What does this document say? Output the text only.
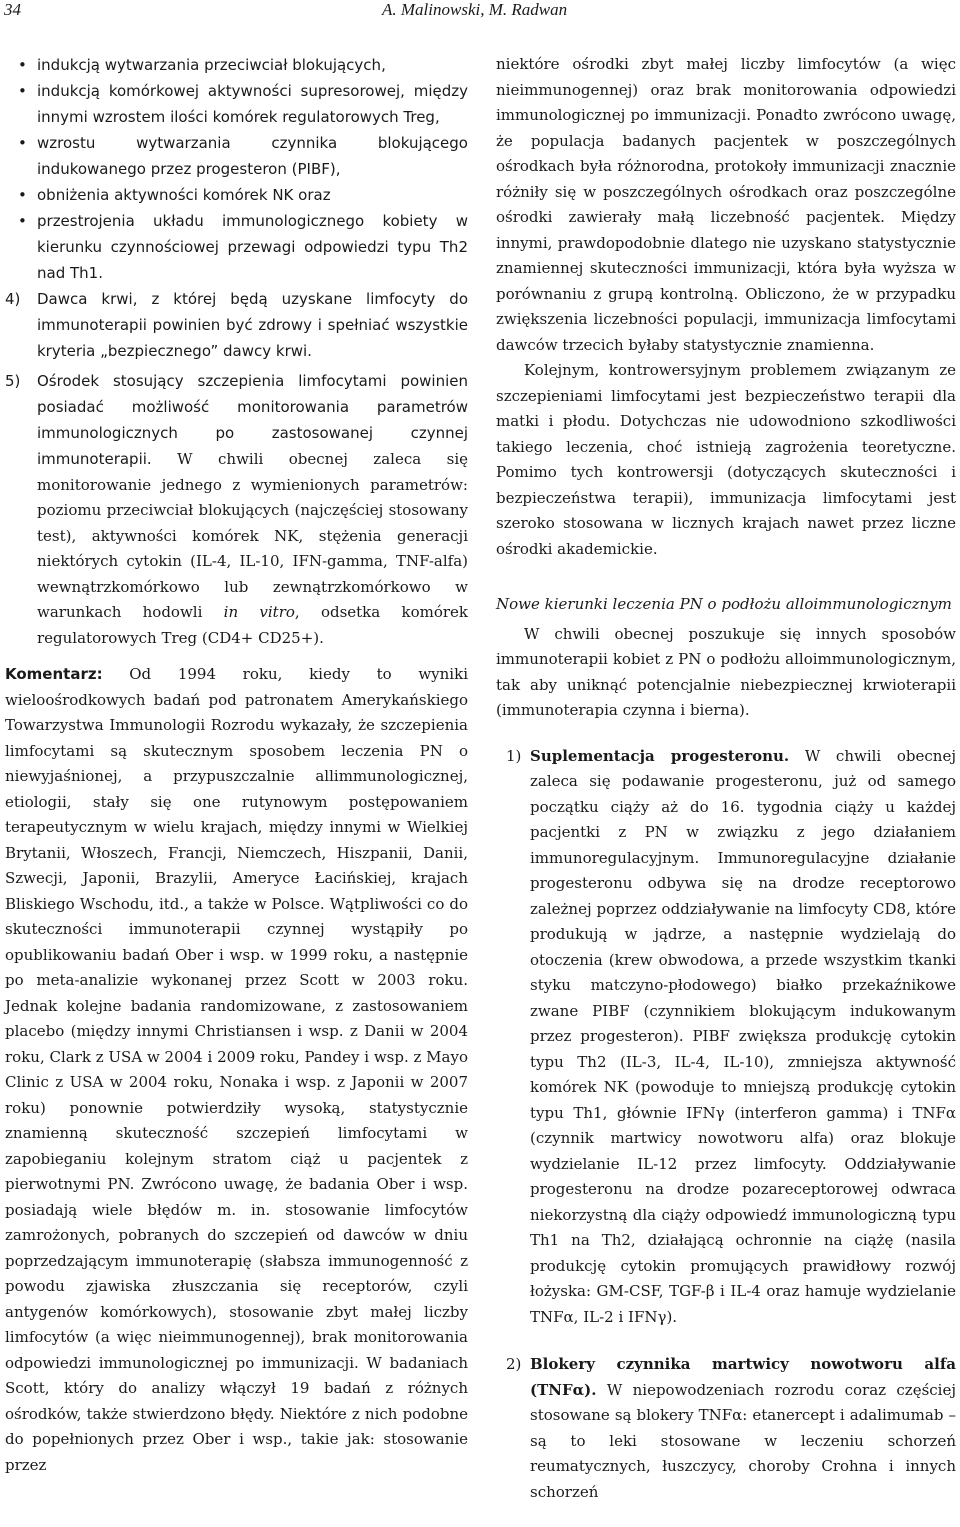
34	A. Malinowski, M. Radwan
• indukcją wytwarzania przeciwciał blokujących,
• indukcją komórkowej aktywności supresorowej, między innymi wzrostem ilości komórek regulatorowych Treg,
• wzrostu wytwarzania czynnika blokującego indukowanego przez progesteron (PIBF),
• obniżenia aktywności komórek NK oraz
• przestrojenia układu immunologicznego kobiety w kierunku czynnościowej przewagi odpowiedzi typu Th2 nad Th1.
4) Dawca krwi, z której będą uzyskane limfocyty do immunoterapii powinien być zdrowy i spełniać wszystkie kryteria „bezpiecznego” dawcy krwi.
5) Ośrodek stosujący szczepienia limfocytami powinien posiadać możliwość monitorowania parametrów immunologicznych po zastosowanej czynnej immunoterapii. W chwili obecnej zaleca się monitorowanie jednego z wymienionych parametrów: poziomu przeciwciał blokujących (najczęściej stosowany test), aktywności komórek NK, stężenia generacji niektórych cytokin (IL-4, IL-10, IFN-gamma, TNF-alfa) wewnątrzkomórkowo lub zewnątrzkomórkowo w warunkach hodowli in vitro, odsetka komórek regulatorowych Treg (CD4+ CD25+).

Komentarz: Od 1994 roku, kiedy to wyniki wieloośrodkowych badań pod patronatem Amerykańskiego Towarzystwa Immunologii Rozrodu wykazały, że szczepienia limfocytami są skutecznym sposobem leczenia PN o niewyjaśnionej, a przypuszczalnie allimmunologicznej, etiologii, stały się one rutynowym postępowaniem terapeutycznym w wielu krajach, między innymi w Wielkiej Brytanii, Włoszech, Francji, Niemczech, Hiszpanii, Danii, Szwecji, Japonii, Brazylii, Ameryce Łacińskiej, krajach Bliskiego Wschodu, itd., a także w Polsce. Wątpliwości co do skuteczności immunoterapii czynnej wystąpiły po opublikowaniu badań Ober i wsp. w 1999 roku, a następnie po meta-analizie wykonanej przez Scott w 2003 roku. Jednak kolejne badania randomizowane, z zastosowaniem placebo (między innymi Christiansen i wsp. z Danii w 2004 roku, Clark z USA w 2004 i 2009 roku, Pandey i wsp. z Mayo Clinic z USA w 2004 roku, Nonaka i wsp. z Japonii w 2007 roku) ponownie potwierdziły wysoką, statystycznie znamienną skuteczność szczepień limfocytami w zapobieganiu kolejnym stratom ciąż u pacjentek z pierwotnymi PN. Zwrócono uwagę, że badania Ober i wsp. posiadają wiele błędów m. in. stosowanie limfocytów zamrożonych, pobranych do szczepień od dawców w dniu poprzedzającym immunoterapię (słabsza immunogenność z powodu zjawiska złuszczania się receptorów, czyli antygenów komórkowych), stosowanie zbyt małej liczby limfocytów (a więc nieimmunogennej), brak monitorowania odpowiedzi immunologicznej po immunizacji. W badaniach Scott, który do analizy włączył 19 badań z różnych ośrodków, także stwierdzono błędy. Niektóre z nich podobne do popełnionych przez Ober i wsp., takie jak: stosowanie przez

niektóre ośrodki zbyt małej liczby limfocytów (a więc nieimmunogennej) oraz brak monitorowania odpowiedzi immunologicznej po immunizacji. Ponadto zwrócono uwagę, że populacja badanych pacjentek w poszczególnych ośrodkach była różnorodna, protokoły immunizacji znacznie różniły się w poszczególnych ośrodkach oraz poszczególne ośrodki zawierały małą liczebność pacjentek. Między innymi, prawdopodobnie dlatego nie uzyskano statystycznie znamiennej skuteczności immunizacji, która była wyższa w porównaniu z grupą kontrolną. Obliczono, że w przypadku zwiększenia liczebności populacji, immunizacja limfocytami dawców trzecich byłaby statystycznie znamienna.

Kolejnym, kontrowersyjnym problemem związanym ze szczepieniami limfocytami jest bezpieczeństwo terapii dla matki i płodu. Dotychczas nie udowodniono szkodliwości takiego leczenia, choć istnieją zagrożenia teoretyczne. Pomimo tych kontrowersji (dotyczących skuteczności i bezpieczeństwa terapii), immunizacja limfocytami jest szeroko stosowana w licznych krajach nawet przez liczne ośrodki akademickie.

Nowe kierunki leczenia PN o podłożu alloimmunologicznym

W chwili obecnej poszukuje się innych sposobów immunoterapii kobiet z PN o podłożu alloimmunologicznym, tak aby uniknąć potencjalnie niebezpiecznej krwioterapii (immunoterapia czynna i bierna).

1) Suplementacja progesteronu. W chwili obecnej zaleca się podawanie progesteronu, już od samego początku ciąży aż do 16. tygodnia ciąży u każdej pacjentki z PN w związku z jego działaniem immunoregulacyjnym. Immunoregulacyjne działanie progesteronu odbywa się na drodze receptorowo zależnej poprzez oddziaływanie na limfocyty CD8, które produkują w jądrze, a następnie wydzielają do otoczenia (krew obwodowa, a przede wszystkim tkanki styku matczyno-płodowego) białko przekaźnikowe zwane PIBF (czynnikiem blokującym indukowanym przez progesteron). PIBF zwiększa produkcję cytokin typu Th2 (IL-3, IL-4, IL-10), zmniejsza aktywność komórek NK (powoduje to mniejszą produkcję cytokin typu Th1, głównie IFNγ (interferon gamma) i TNFα (czynnik martwicy nowotworu alfa) oraz blokuje wydzielanie IL-12 przez limfocyty. Oddziaływanie progesteronu na drodze pozareceptorowej odwraca niekorzystną dla ciąży odpowiedź immunologiczną typu Th1 na Th2, działającą ochronnie na ciążę (nasila produkcję cytokin promujących prawidłowy rozwój łożyska: GM-CSF, TGF-β i IL-4 oraz hamuje wydzielanie TNFα, IL-2 i IFNγ).
2) Blokery czynnika martwicy nowotworu alfa (TNFα). W niepowodzeniach rozrodu coraz częściej stosowane są blokery TNFα: etanercept i adalimumab – są to leki stosowane w leczeniu schorzeń reumatycznych, łuszczycy, choroby Crohna i innych schorzeń
